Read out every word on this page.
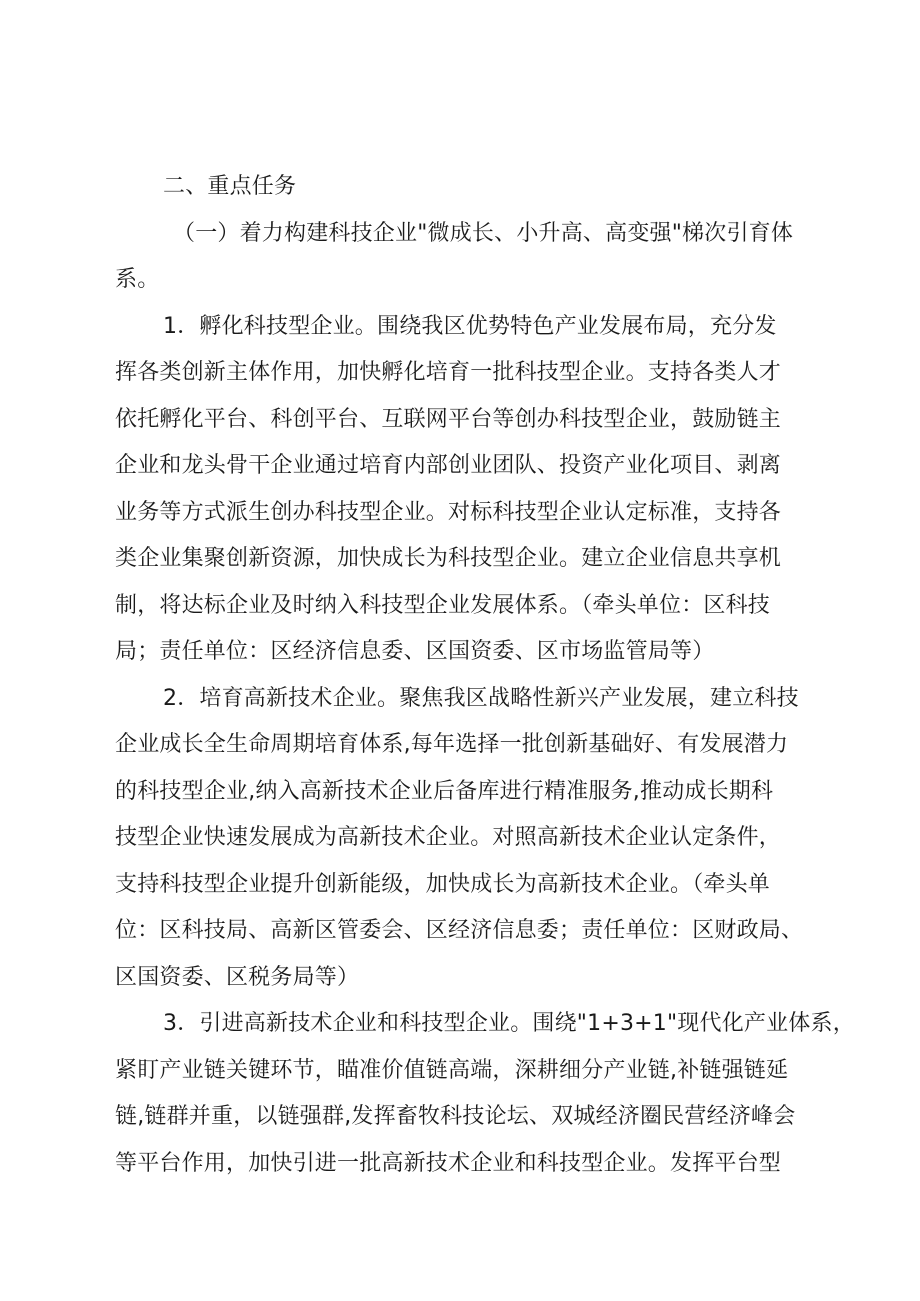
二、重点任务
（一）着力构建科技企业"微成长、小升高、高变强"梯次引育体
系。
1．孵化科技型企业。围绕我区优势特色产业发展布局，充分发
挥各类创新主体作用，加快孵化培育一批科技型企业。支持各类人才
依托孵化平台、科创平台、互联网平台等创办科技型企业，鼓励链主
企业和龙头骨干企业通过培育内部创业团队、投资产业化项目、剥离
业务等方式派生创办科技型企业。对标科技型企业认定标准，支持各
类企业集聚创新资源，加快成长为科技型企业。建立企业信息共享机
制，将达标企业及时纳入科技型企业发展体系。（牵头单位：区科技
局；责任单位：区经济信息委、区国资委、区市场监管局等）
2．培育高新技术企业。聚焦我区战略性新兴产业发展，建立科技
企业成长全生命周期培育体系,每年选择一批创新基础好、有发展潜力
的科技型企业,纳入高新技术企业后备库进行精准服务,推动成长期科
技型企业快速发展成为高新技术企业。对照高新技术企业认定条件，
支持科技型企业提升创新能级，加快成长为高新技术企业。（牵头单
位：区科技局、高新区管委会、区经济信息委；责任单位：区财政局、
区国资委、区税务局等）
3．引进高新技术企业和科技型企业。围绕"1+3+1"现代化产业体系，
紧盯产业链关键环节，瞄准价值链高端，深耕细分产业链,补链强链延
链,链群并重，以链强群,发挥畜牧科技论坛、双城经济圈民营经济峰会
等平台作用，加快引进一批高新技术企业和科技型企业。发挥平台型
